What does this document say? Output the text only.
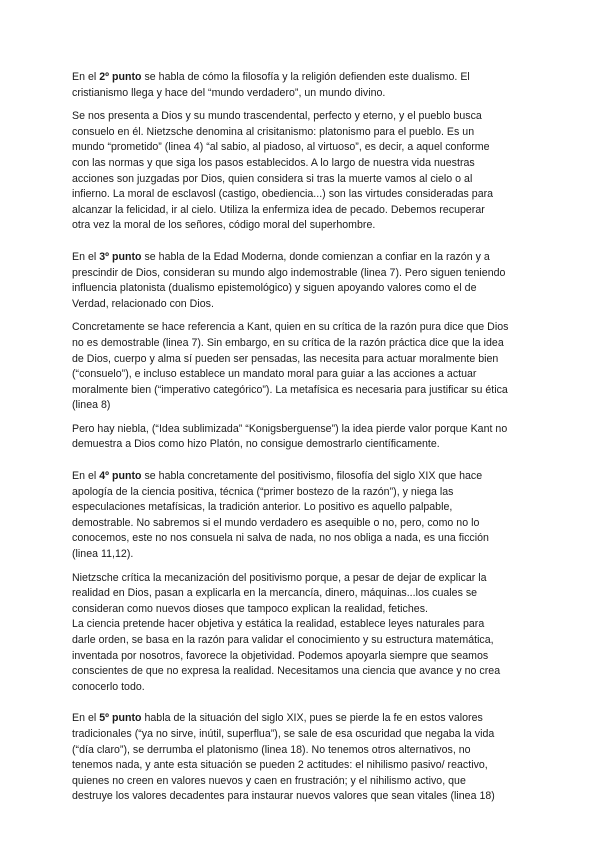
En el 2º punto se habla de cómo la filosofía y la religión defienden este dualismo. El
cristianismo llega y hace del “mundo verdadero”, un mundo divino.
Se nos presenta a Dios y su mundo trascendental, perfecto y eterno, y el pueblo busca
consuelo en él. Nietzsche denomina al crisitanismo: platonismo para el pueblo. Es un
mundo “prometido” (linea 4) “al sabio, al piadoso, al virtuoso”, es decir, a aquel conforme
con las normas y que siga los pasos establecidos. A lo largo de nuestra vida nuestras
acciones son juzgadas por Dios, quien considera si tras la muerte vamos al cielo o al
infierno. La moral de esclavosl (castigo, obediencia...) son las virtudes consideradas para
alcanzar la felicidad, ir al cielo. Utiliza la enfermiza idea de pecado. Debemos recuperar
otra vez la moral de los señores, código moral del superhombre.
En el 3º punto se habla de la Edad Moderna, donde comienzan a confiar en la razón y a
prescindir de Dios, consideran su mundo algo indemostrable (linea 7). Pero siguen teniendo
influencia platonista (dualismo epistemológico) y siguen apoyando valores como el de
Verdad, relacionado con Dios.
Concretamente se hace referencia a Kant, quien en su crítica de la razón pura dice que Dios
no es demostrable (linea 7). Sin embargo, en su crítica de la razón práctica dice que la idea
de Dios, cuerpo y alma sí pueden ser pensadas, las necesita para actuar moralmente bien
(“consuelo”), e incluso establece un mandato moral para guiar a las acciones a actuar
moralmente bien (“imperativo categórico”). La metafísica es necesaria para justificar su ética
(linea 8)
Pero hay niebla, (“Idea sublimizada” “Konigsberguense”) la idea pierde valor porque Kant no
demuestra a Dios como hizo Platón, no consigue demostrarlo científicamente.
En el 4º punto se habla concretamente del positivismo, filosofía del siglo XIX que hace
apología de la ciencia positiva, técnica (“primer bostezo de la razón”), y niega las
especulaciones metafísicas, la tradición anterior. Lo positivo es aquello palpable,
demostrable. No sabremos si el mundo verdadero es asequible o no, pero, como no lo
conocemos, este no nos consuela ni salva de nada, no nos obliga a nada, es una ficción
(linea 11,12).
Nietzsche crítica la mecanización del positivismo porque, a pesar de dejar de explicar la
realidad en Dios, pasan a explicarla en la mercancía, dinero, máquinas...los cuales se
consideran como nuevos dioses que tampoco explican la realidad, fetiches.
La ciencia pretende hacer objetiva y estática la realidad, establece leyes naturales para
darle orden, se basa en la razón para validar el conocimiento y su estructura matemática,
inventada por nosotros, favorece la objetividad. Podemos apoyarla siempre que seamos
conscientes de que no expresa la realidad. Necesitamos una ciencia que avance y no crea
conocerlo todo.
En el 5º punto habla de la situación del siglo XIX, pues se pierde la fe en estos valores
tradicionales (“ya no sirve, inútil, superflua”), se sale de esa oscuridad que negaba la vida
(“día claro”), se derrumba el platonismo (linea 18). No tenemos otros alternativos, no
tenemos nada, y ante esta situación se pueden 2 actitudes: el nihilismo pasivo/ reactivo,
quienes no creen en valores nuevos y caen en frustración; y el nihilismo activo, que
destruye los valores decadentes para instaurar nuevos valores que sean vitales (linea 18)
